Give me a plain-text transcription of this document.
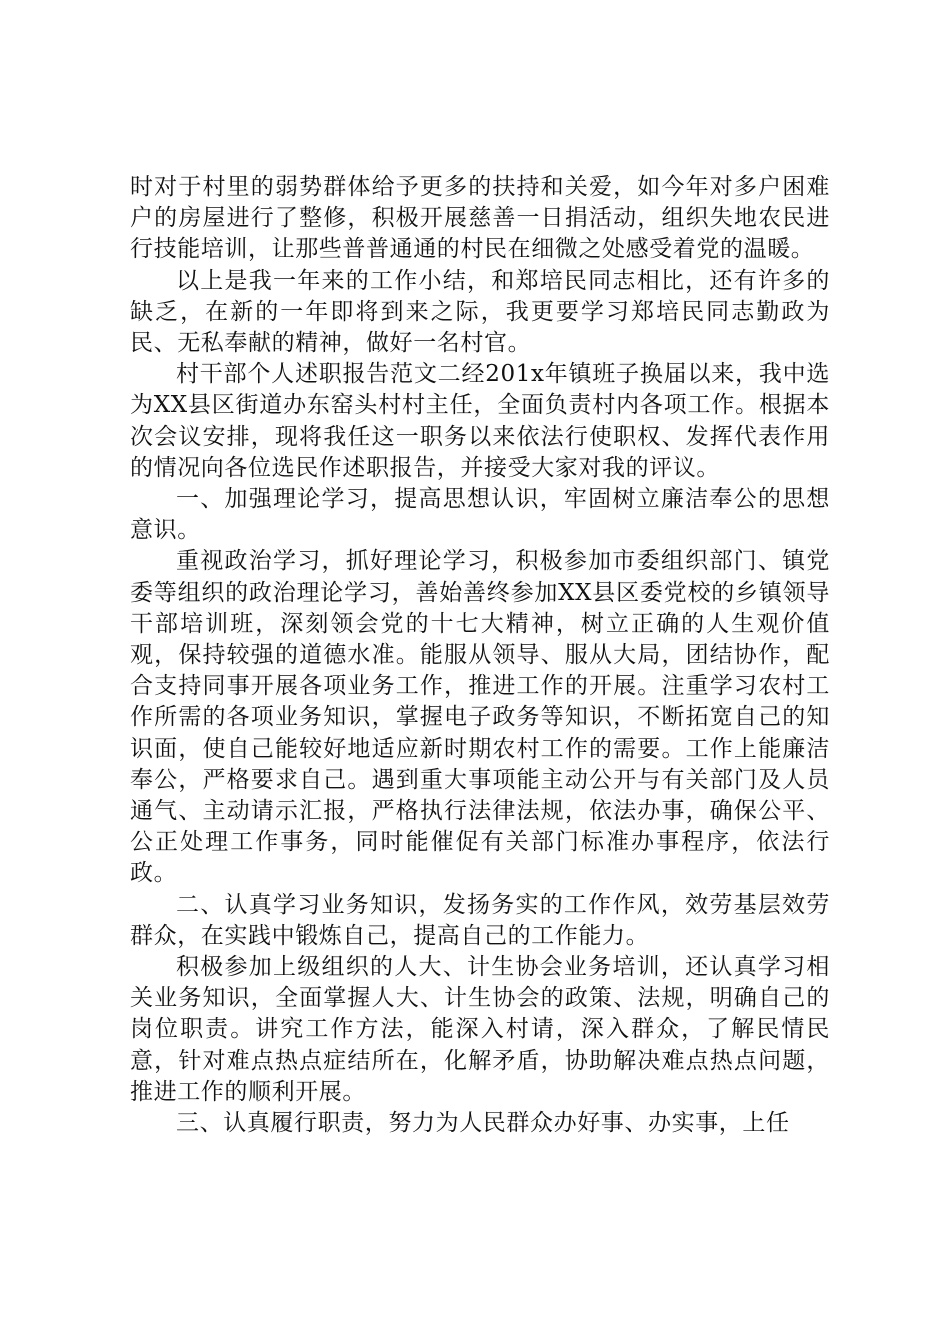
时对于村里的弱势群体给予更多的扶持和关爱，如今年对多户困难户的房屋进行了整修，积极开展慈善一日捐活动，组织失地农民进行技能培训，让那些普普通通的村民在细微之处感受着党的温暖。

以上是我一年来的工作小结，和郑培民同志相比，还有许多的缺乏，在新的一年即将到来之际，我更要学习郑培民同志勤政为民、无私奉献的精神，做好一名村官。

村干部个人述职报告范文二经201x年镇班子换届以来，我中选为XX县区街道办东窑头村村主任，全面负责村内各项工作。根据本次会议安排，现将我任这一职务以来依法行使职权、发挥代表作用的情况向各位选民作述职报告，并接受大家对我的评议。

一、加强理论学习，提高思想认识，牢固树立廉洁奉公的思想意识。

重视政治学习，抓好理论学习，积极参加市委组织部门、镇党委等组织的政治理论学习，善始善终参加XX县区委党校的乡镇领导干部培训班，深刻领会党的十七大精神，树立正确的人生观价值观，保持较强的道德水准。能服从领导、服从大局，团结协作，配合支持同事开展各项业务工作，推进工作的开展。注重学习农村工作所需的各项业务知识，掌握电子政务等知识，不断拓宽自己的知识面，使自己能较好地适应新时期农村工作的需要。工作上能廉洁奉公，严格要求自己。遇到重大事项能主动公开与有关部门及人员通气、主动请示汇报，严格执行法律法规，依法办事，确保公平、公正处理工作事务，同时能催促有关部门标准办事程序，依法行政。

二、认真学习业务知识，发扬务实的工作作风，效劳基层效劳群众，在实践中锻炼自己，提高自己的工作能力。

积极参加上级组织的人大、计生协会业务培训，还认真学习相关业务知识，全面掌握人大、计生协会的政策、法规，明确自己的岗位职责。讲究工作方法，能深入村请，深入群众，了解民情民意，针对难点热点症结所在，化解矛盾，协助解决难点热点问题，推进工作的顺利开展。

三、认真履行职责，努力为人民群众办好事、办实事，上任
